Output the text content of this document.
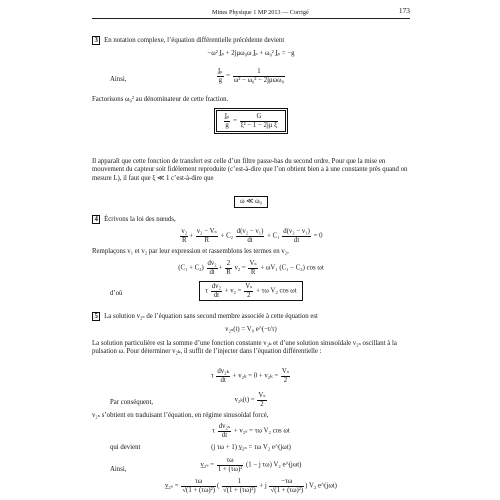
Mines Physique 1 MP 2013 — Corrigé	173
3 En notation complexe, l’équation différentielle précédente devient
−ω² I̲ₛ + 2jμω₀ω I̲ₛ + ω₀² I̲ₛ = −g
Ainsi,	$\frac{\text{I̲ₛ}}{g} = \frac{1}{\text{ω² − ω₀² − 2jμωω₀}}$
Factorisons ω₀² au dénominateur de cette fraction.
$\frac{\text{I̲ₛ}}{g} = \frac{G}{\text{ξ² − 1 − 2jμ ξ}}$
Il apparaît que cette fonction de transfert est celle d’un filtre passe-bas du second ordre. Pour que la mise en mouvement du capteur soit fidèlement reproduite (c’est-à-dire que l’on obtient bien a à une constante près quand on mesure L), il faut que ξ ≪ 1 c’est-à-dire que
ω ≪ ω₀
4 Écrivons la loi des nœuds,
$\frac{\text{v₂}}{R} + \frac{\text{v₂ − Vₛ}}{R} + C_2 \frac{\text{d(v₂ − v₁)}}{dt} + C_1 \frac{\text{d(v₂ − v₁)}}{dt} = 0$
Remplaçons v₁ et v₂ par leur expression et rassemblons les termes en v₂,
$(C_1 + C_2) \frac{\text{dv₂}}{dt} + \frac{2}{R} v_2 = \frac{\text{Vₛ}}{R} + \omega V_1$ (C₁ − C₂) cos ωt
d’où	τ $\frac{\text{dv₂}}{dt} + v_2 = \frac{\text{Vₛ}}{2} + \tau\omega$ V₂ cos ωt
5 La solution v₂ₛ de l’équation sans second membre associée à cette équation est
v₂ₛ(t) = V₀ e^(−t/τ)
La solution particulière est la somme d’une fonction constante v₂ₖ et d’une solution sinusoïdale v₂ₛ oscillant à la pulsation ω. Pour déterminer v₂ₖ, il suffit de l’injecter dans l’équation différentielle :
τ $\frac{\text{dv₂ₖ}}{dt} + v_{2k} = 0 + v_{2k} = \frac{\text{Vₛ}}{2}$
Par conséquent,	$v_{2k}(t) = \frac{\text{Vₛ}}{2}$
v₂ₛ s’obtient en traduisant l’équation, en régime sinusoïdal forcé,
τ $\frac{\text{dv₂ₛ}}{dt} + v_{2s} = \tau\omega$ V₂ cos ωt
qui devient	(j τω + 1) v̲₂ₛ = τω V₂ e^(jωt)
Ainsi,
v̲₂ₛ = $\frac{\tau\omega}{\text{1 + (τω)²}} (1 - j$ τω) V₂ e^(jωt)
v̲₂ₛ = $\frac{\tau\omega}{\text{√(1 + (τω)²)}}$ ( $\frac{1}{\text{√(1 + (τω)²)}} + j \frac{-\tau\omega}{\text{√(1 + (τω)²)}}$ ) V₂ e^(jωt)
